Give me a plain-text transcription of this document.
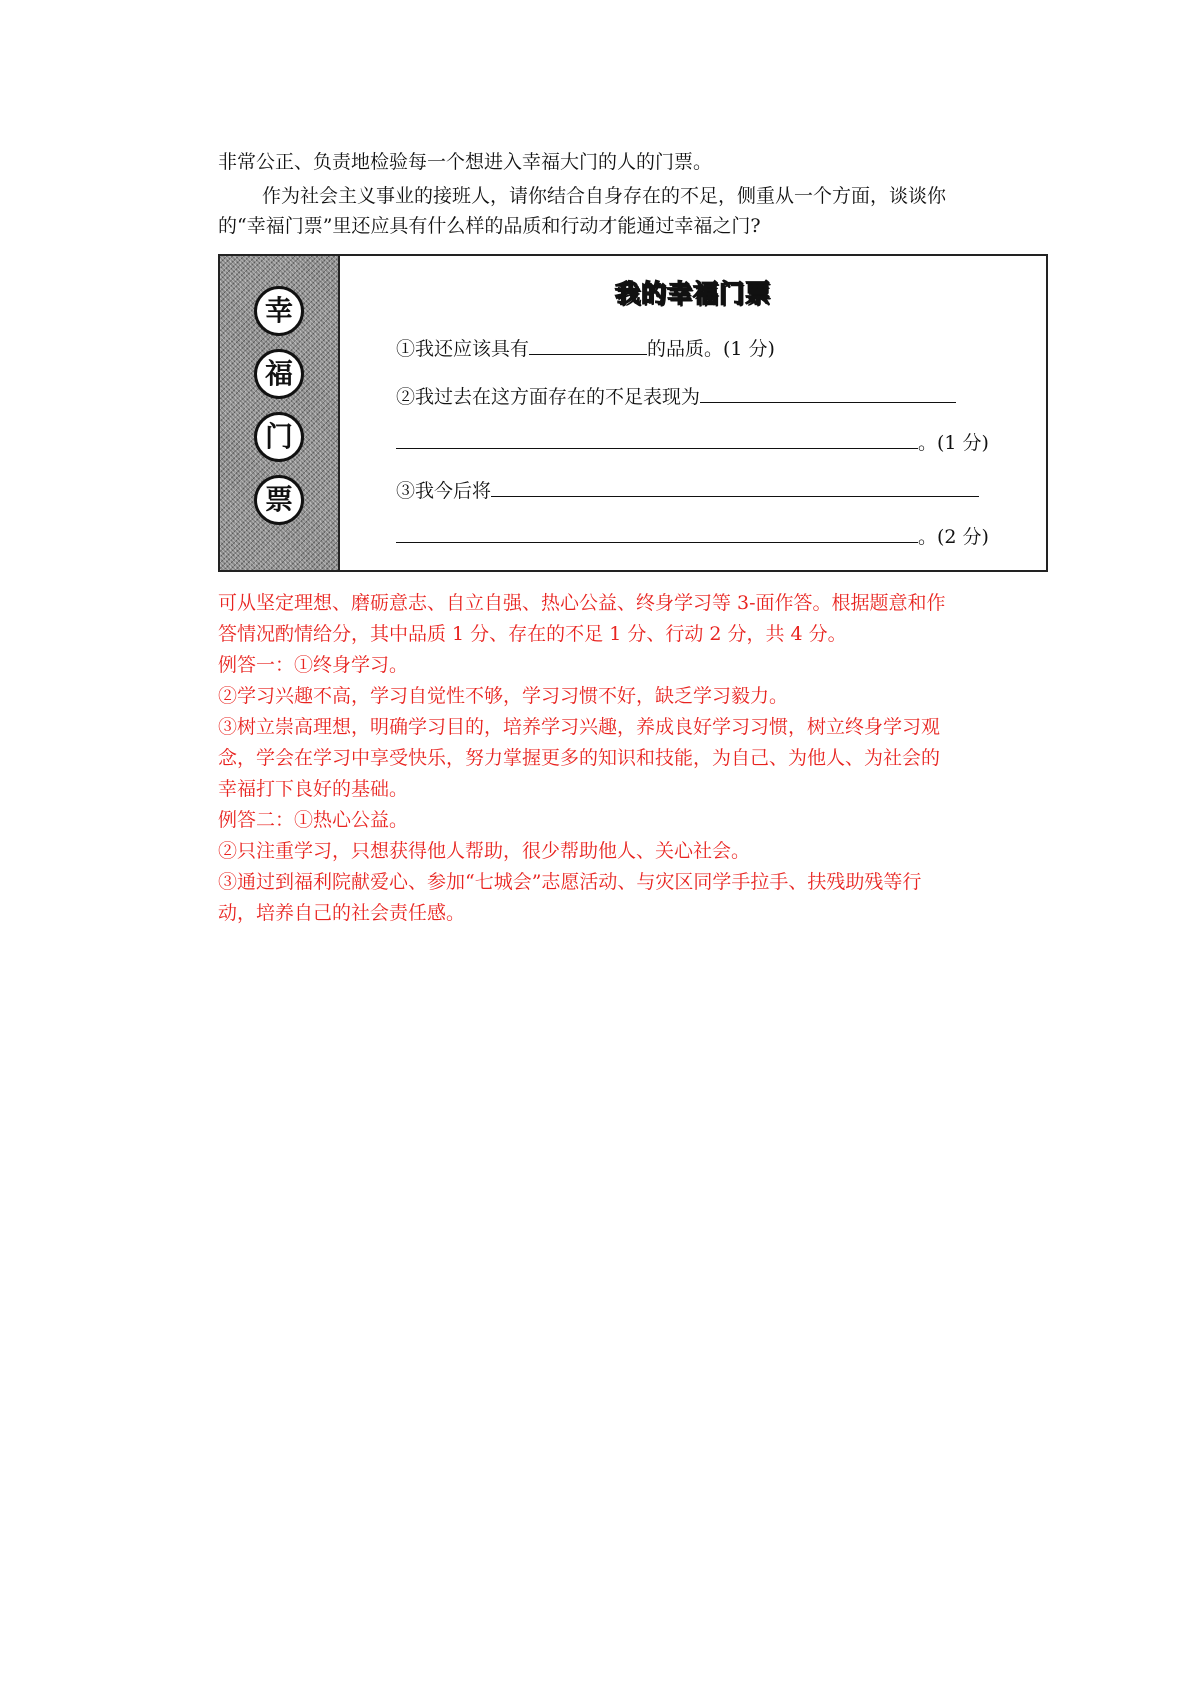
非常公正、负责地检验每一个想进入幸福大门的人的门票。
作为社会主义事业的接班人，请你结合自身存在的不足，侧重从一个方面，谈谈你
的“幸福门票”里还应具有什么样的品质和行动才能通过幸福之门?
幸
福
门
票
我的幸福门票
①我还应该具有	的品质。(1 分)
②我过去在这方面存在的不足表现为
。(1 分)
③我今后将
。(2 分)
可从坚定理想、磨砺意志、自立自强、热心公益、终身学习等 3-面作答。根据题意和作
答情况酌情给分，其中品质 1 分、存在的不足 1 分、行动 2 分，共 4 分。
例答一：①终身学习。
②学习兴趣不高，学习自觉性不够，学习习惯不好，缺乏学习毅力。
③树立崇高理想，明确学习目的，培养学习兴趣，养成良好学习习惯，树立终身学习观
念，学会在学习中享受快乐，努力掌握更多的知识和技能，为自己、为他人、为社会的
幸福打下良好的基础。
例答二：①热心公益。
②只注重学习，只想获得他人帮助，很少帮助他人、关心社会。
③通过到福利院献爱心、参加“七城会”志愿活动、与灾区同学手拉手、扶残助残等行
动，培养自己的社会责任感。
